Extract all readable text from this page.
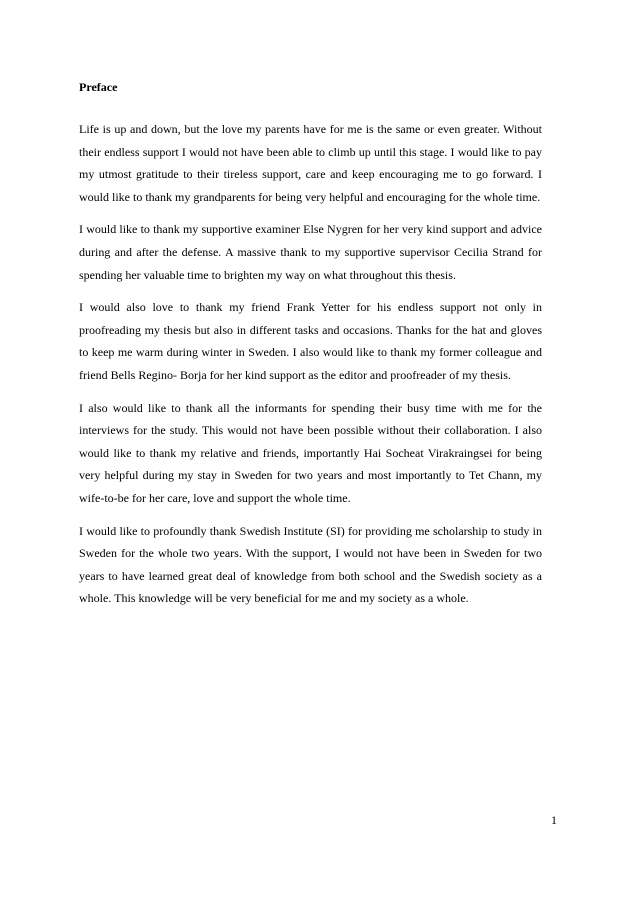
Preface

Life is up and down, but the love my parents have for me is the same or even greater. Without their endless support I would not have been able to climb up until this stage. I would like to pay my utmost gratitude to their tireless support, care and keep encouraging me to go forward. I would like to thank my grandparents for being very helpful and encouraging for the whole time.

I would like to thank my supportive examiner Else Nygren for her very kind support and advice during and after the defense. A massive thank to my supportive supervisor Cecilia Strand for spending her valuable time to brighten my way on what throughout this thesis.

I would also love to thank my friend Frank Yetter for his endless support not only in proofreading my thesis but also in different tasks and occasions. Thanks for the hat and gloves to keep me warm during winter in Sweden. I also would like to thank my former colleague and friend Bells Regino- Borja for her kind support as the editor and proofreader of my thesis.

I also would like to thank all the informants for spending their busy time with me for the interviews for the study. This would not have been possible without their collaboration. I also would like to thank my relative and friends, importantly Hai Socheat Virakraingsei for being very helpful during my stay in Sweden for two years and most importantly to Tet Chann, my wife-to-be for her care, love and support the whole time.

I would like to profoundly thank Swedish Institute (SI) for providing me scholarship to study in Sweden for the whole two years. With the support, I would not have been in Sweden for two years to have learned great deal of knowledge from both school and the Swedish society as a whole. This knowledge will be very beneficial for me and my society as a whole.

1
